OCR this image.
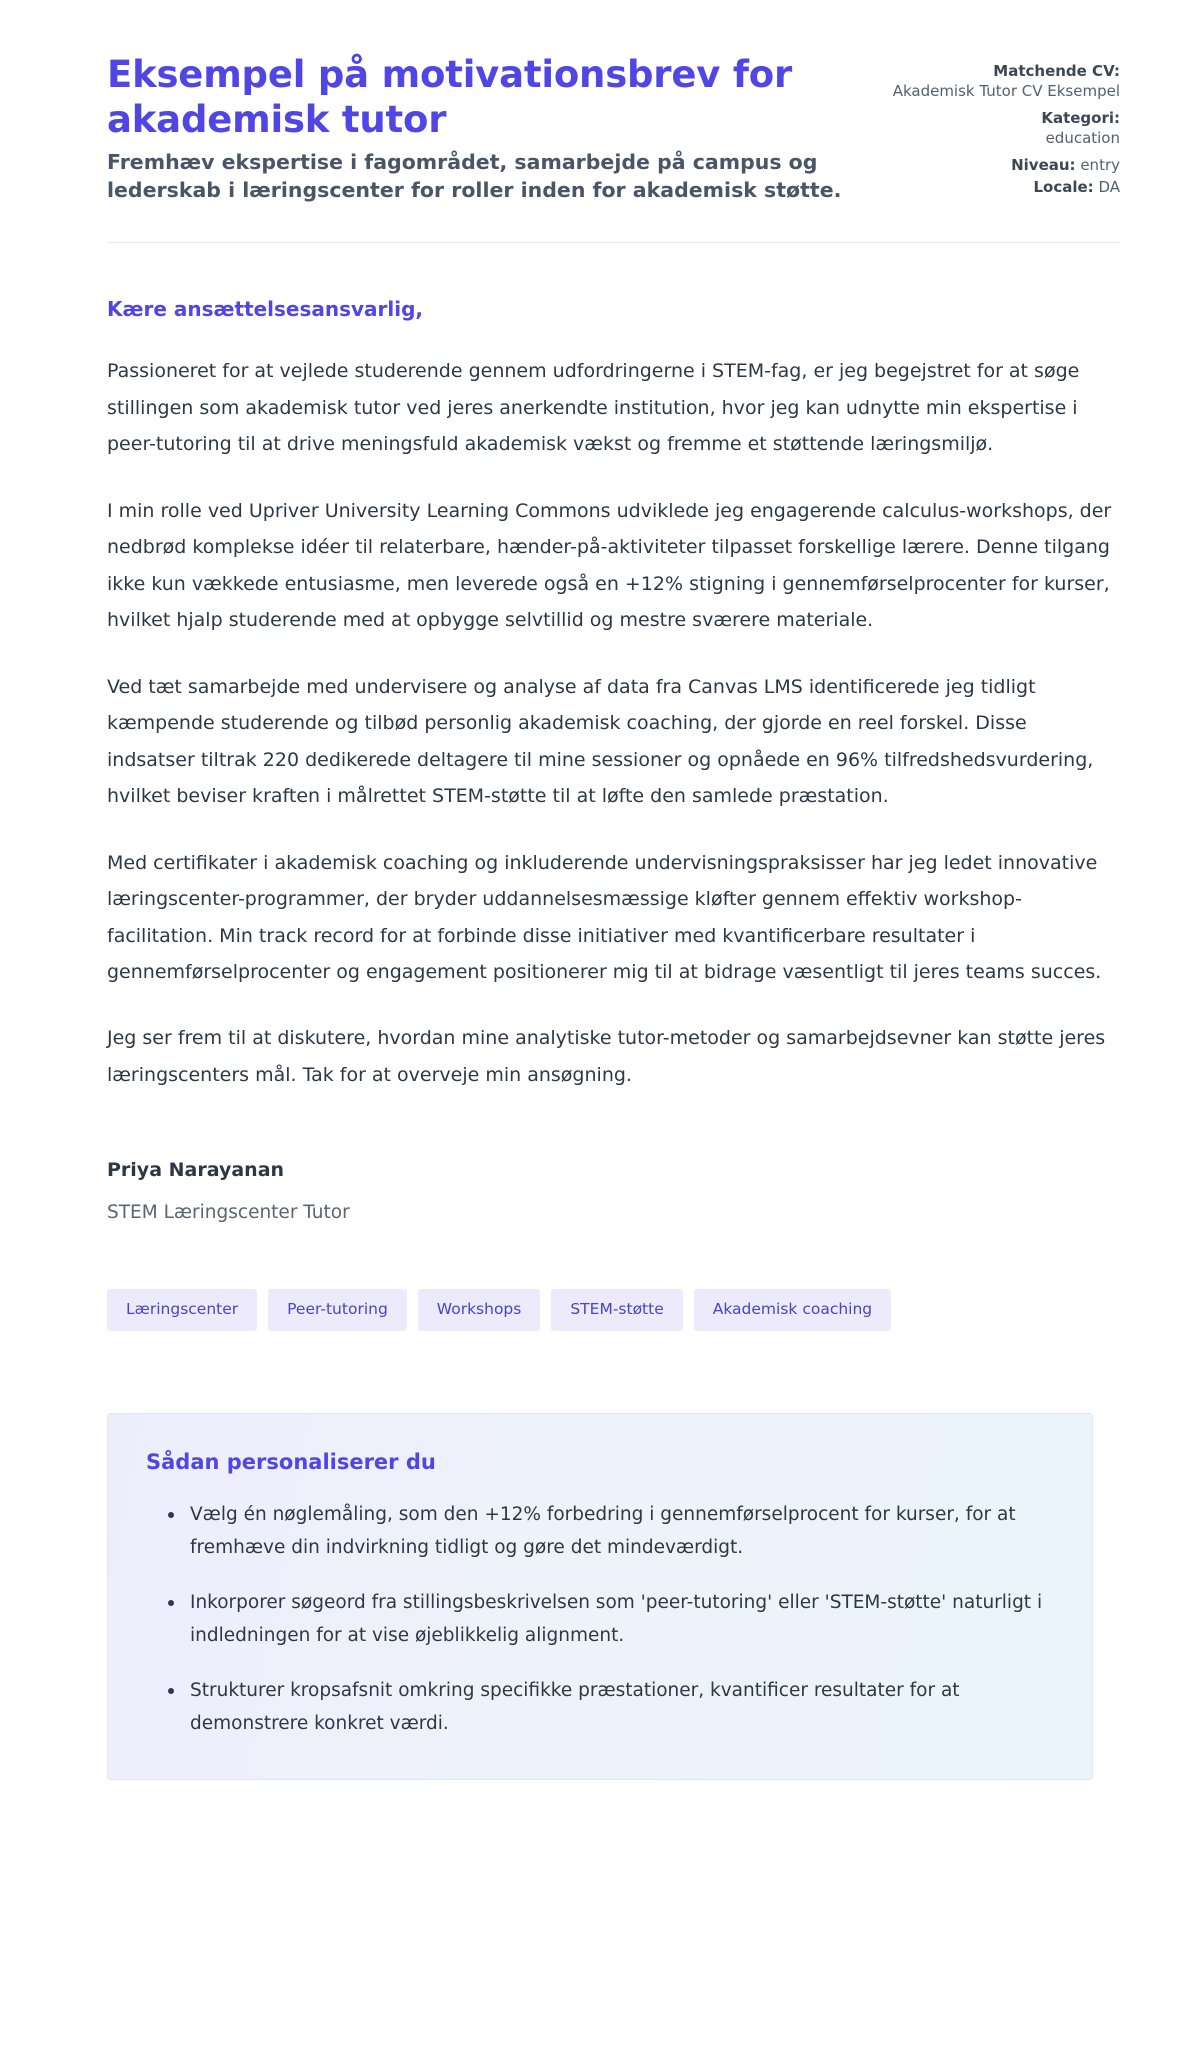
Eksempel på motivationsbrev for akademisk tutor

Fremhæv ekspertise i fagområdet, samarbejde på campus og lederskab i læringscenter for roller inden for akademisk støtte.

Matchende CV:
Akademisk Tutor CV Eksempel
Kategori:
education
Niveau: entry
Locale: DA

Kære ansættelsesansvarlig,

Passioneret for at vejlede studerende gennem udfordringerne i STEM-fag, er jeg begejstret for at søge stillingen som akademisk tutor ved jeres anerkendte institution, hvor jeg kan udnytte min ekspertise i peer-tutoring til at drive meningsfuld akademisk vækst og fremme et støttende læringsmiljø.

I min rolle ved Upriver University Learning Commons udviklede jeg engagerende calculus-workshops, der nedbrød komplekse idéer til relaterbare, hænder-på-aktiviteter tilpasset forskellige lærere. Denne tilgang ikke kun vækkede entusiasme, men leverede også en +12% stigning i gennemførselprocenter for kurser, hvilket hjalp studerende med at opbygge selvtillid og mestre sværere materiale.

Ved tæt samarbejde med undervisere og analyse af data fra Canvas LMS identificerede jeg tidligt kæmpende studerende og tilbød personlig akademisk coaching, der gjorde en reel forskel. Disse indsatser tiltrak 220 dedikerede deltagere til mine sessioner og opnåede en 96% tilfredshedsvurdering, hvilket beviser kraften i målrettet STEM-støtte til at løfte den samlede præstation.

Med certifikater i akademisk coaching og inkluderende undervisningspraksisser har jeg ledet innovative læringscenter-programmer, der bryder uddannelsesmæssige kløfter gennem effektiv workshop-facilitation. Min track record for at forbinde disse initiativer med kvantificerbare resultater i gennemførselprocenter og engagement positionerer mig til at bidrage væsentligt til jeres teams succes.

Jeg ser frem til at diskutere, hvordan mine analytiske tutor-metoder og samarbejdsevner kan støtte jeres læringscenters mål. Tak for at overveje min ansøgning.

Priya Narayanan

STEM Læringscenter Tutor

Læringscenter	Peer-tutoring	Workshops	STEM-støtte	Akademisk coaching
Sådan personaliserer du
Vælg én nøglemåling, som den +12% forbedring i gennemførselprocent for kurser, for at fremhæve din indvirkning tidligt og gøre det mindeværdigt.
Inkorporer søgeord fra stillingsbeskrivelsen som 'peer-tutoring' eller 'STEM-støtte' naturligt i indledningen for at vise øjeblikkelig alignment.
Strukturer kropsafsnit omkring specifikke præstationer, kvantificer resultater for at demonstrere konkret værdi.
